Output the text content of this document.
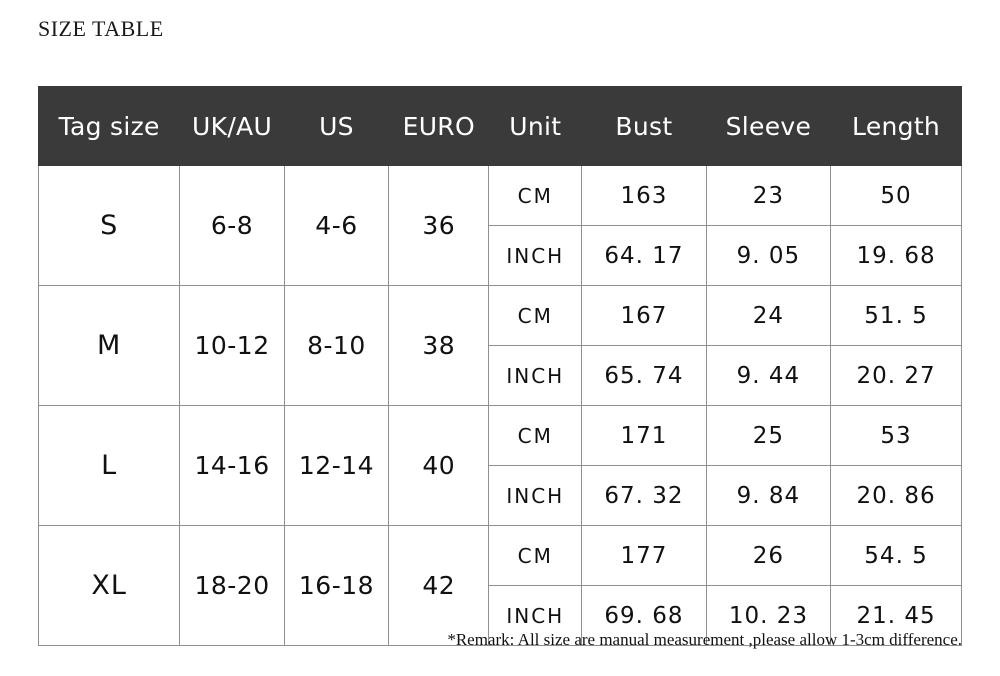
SIZE TABLE
Tag size	UK/AU	US	EURO	Unit	Bust	Sleeve	Length
S	6-8	4-6	36	CM	163	23	50
				INCH	64. 17	9. 05	19. 68
M	10-12	8-10	38	CM	167	24	51. 5
				INCH	65. 74	9. 44	20. 27
L	14-16	12-14	40	CM	171	25	53
				INCH	67. 32	9. 84	20. 86
XL	18-20	16-18	42	CM	177	26	54. 5
				INCH	69. 68	10. 23	21. 45
*Remark: All size are manual measurement ,please allow 1-3cm difference.
